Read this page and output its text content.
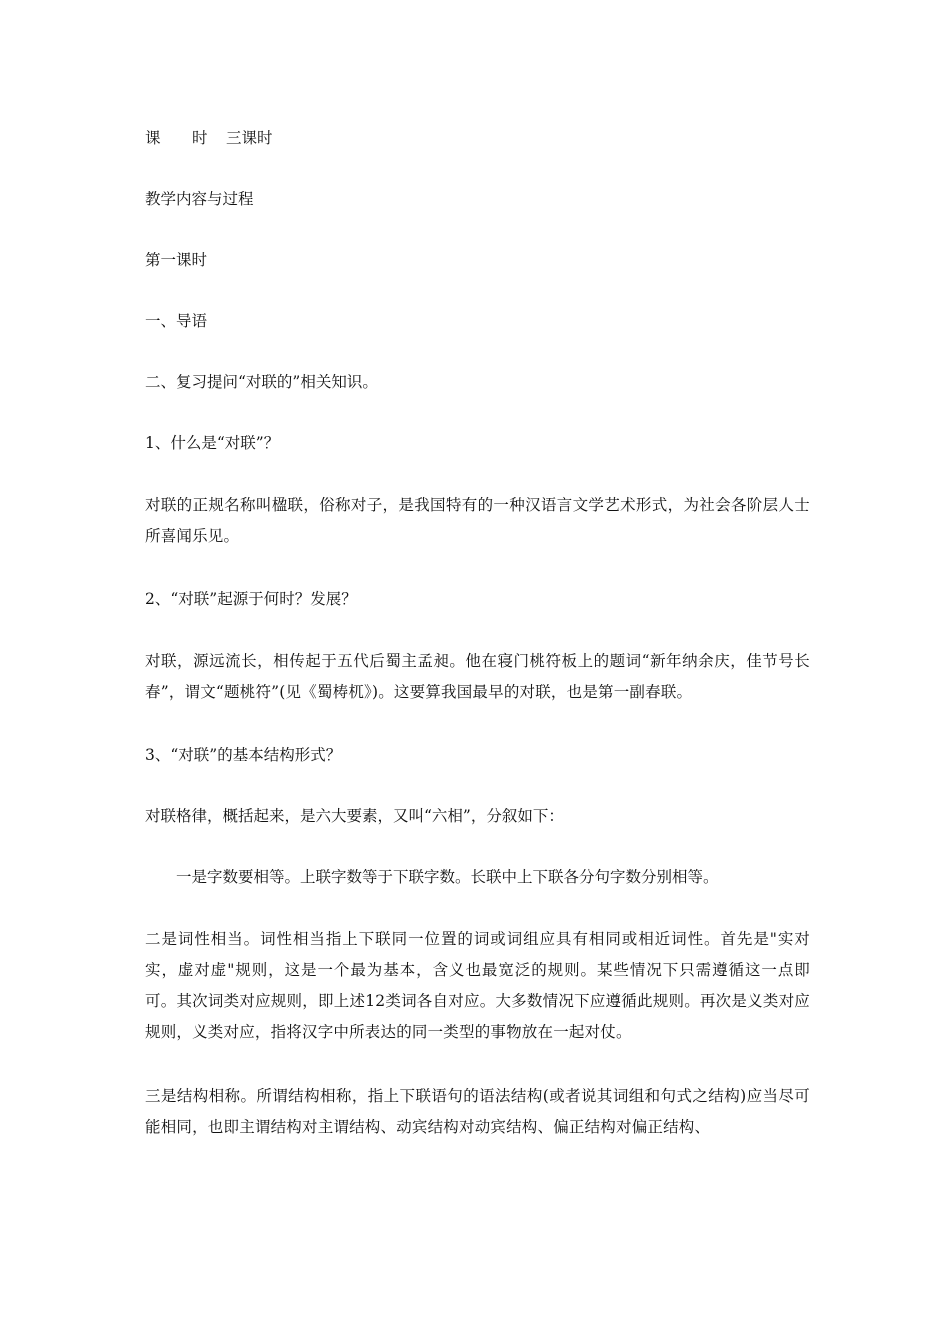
课 时 三课时

教学内容与过程

第一课时

一、导语

二、复习提问“对联的”相关知识。

1、什么是“对联”？

对联的正规名称叫楹联，俗称对子，是我国特有的一种汉语言文学艺术形式，为社会各阶层人士所喜闻乐见。

2、“对联”起源于何时？发展？

对联，源远流长，相传起于五代后蜀主孟昶。他在寝门桃符板上的题词“新年纳余庆，佳节号长春”，谓文“题桃符”(见《蜀梼杌》)。这要算我国最早的对联，也是第一副春联。

3、“对联”的基本结构形式？

对联格律，概括起来，是六大要素，又叫“六相”，分叙如下：

一是字数要相等。上联字数等于下联字数。长联中上下联各分句字数分别相等。

二是词性相当。词性相当指上下联同一位置的词或词组应具有相同或相近词性。首先是"实对实，虚对虚"规则，这是一个最为基本，含义也最宽泛的规则。某些情况下只需遵循这一点即可。其次词类对应规则，即上述12类词各自对应。大多数情况下应遵循此规则。再次是义类对应规则，义类对应，指将汉字中所表达的同一类型的事物放在一起对仗。

三是结构相称。所谓结构相称，指上下联语句的语法结构(或者说其词组和句式之结构)应当尽可能相同，也即主谓结构对主谓结构、动宾结构对动宾结构、偏正结构对偏正结构、
